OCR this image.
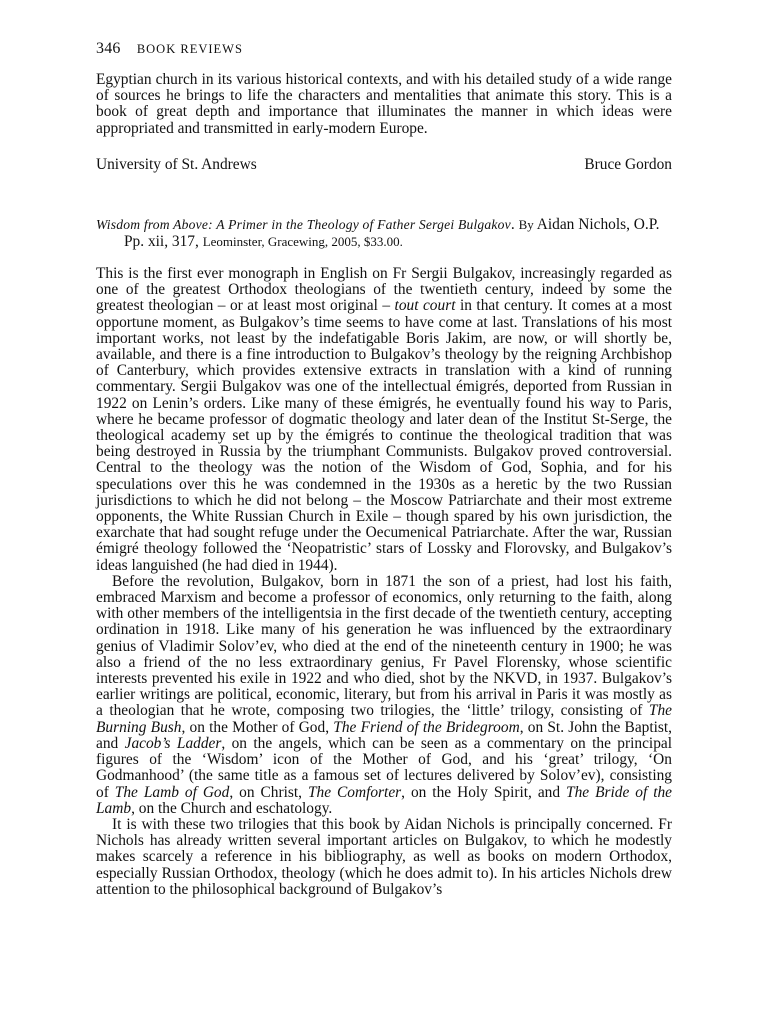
346 BOOK REVIEWS

Egyptian church in its various historical contexts, and with his detailed study of a wide range of sources he brings to life the characters and mentalities that animate this story. This is a book of great depth and importance that illuminates the manner in which ideas were appropriated and transmitted in early-modern Europe.

University of St. Andrews	Bruce Gordon
Wisdom from Above: A Primer in the Theology of Father Sergei Bulgakov. By Aidan Nichols, O.P. Pp. xii, 317, Leominster, Gracewing, 2005, $33.00.

This is the first ever monograph in English on Fr Sergii Bulgakov, increasingly regarded as one of the greatest Orthodox theologians of the twentieth century, indeed by some the greatest theologian – or at least most original – tout court in that century. It comes at a most opportune moment, as Bulgakov’s time seems to have come at last. Translations of his most important works, not least by the indefatigable Boris Jakim, are now, or will shortly be, available, and there is a fine introduction to Bulgakov’s theology by the reigning Archbishop of Canterbury, which provides extensive extracts in translation with a kind of running commentary. Sergii Bulgakov was one of the intellectual émigrés, deported from Russian in 1922 on Lenin’s orders. Like many of these émigrés, he eventually found his way to Paris, where he became professor of dogmatic theology and later dean of the Institut St-Serge, the theological academy set up by the émigrés to continue the theological tradition that was being destroyed in Russia by the triumphant Communists. Bulgakov proved controversial. Central to the theology was the notion of the Wisdom of God, Sophia, and for his speculations over this he was condemned in the 1930s as a heretic by the two Russian jurisdictions to which he did not belong – the Moscow Patriarchate and their most extreme opponents, the White Russian Church in Exile – though spared by his own jurisdiction, the exarchate that had sought refuge under the Oecumenical Patriarchate. After the war, Russian émigré theology followed the ‘Neopatristic’ stars of Lossky and Florovsky, and Bulgakov’s ideas languished (he had died in 1944).

Before the revolution, Bulgakov, born in 1871 the son of a priest, had lost his faith, embraced Marxism and become a professor of economics, only returning to the faith, along with other members of the intelligentsia in the first decade of the twentieth century, accepting ordination in 1918. Like many of his generation he was influenced by the extraordinary genius of Vladimir Solov’ev, who died at the end of the nineteenth century in 1900; he was also a friend of the no less extraordinary genius, Fr Pavel Florensky, whose scientific interests prevented his exile in 1922 and who died, shot by the NKVD, in 1937. Bulgakov’s earlier writings are political, economic, literary, but from his arrival in Paris it was mostly as a theologian that he wrote, composing two trilogies, the ‘little’ trilogy, consisting of The Burning Bush, on the Mother of God, The Friend of the Bridegroom, on St. John the Baptist, and Jacob’s Ladder, on the angels, which can be seen as a commentary on the principal figures of the ‘Wisdom’ icon of the Mother of God, and his ‘great’ trilogy, ‘On Godmanhood’ (the same title as a famous set of lectures delivered by Solov’ev), consisting of The Lamb of God, on Christ, The Comforter, on the Holy Spirit, and The Bride of the Lamb, on the Church and eschatology.

It is with these two trilogies that this book by Aidan Nichols is principally concerned. Fr Nichols has already written several important articles on Bulgakov, to which he modestly makes scarcely a reference in his bibliography, as well as books on modern Orthodox, especially Russian Orthodox, theology (which he does admit to). In his articles Nichols drew attention to the philosophical background of Bulgakov’s
